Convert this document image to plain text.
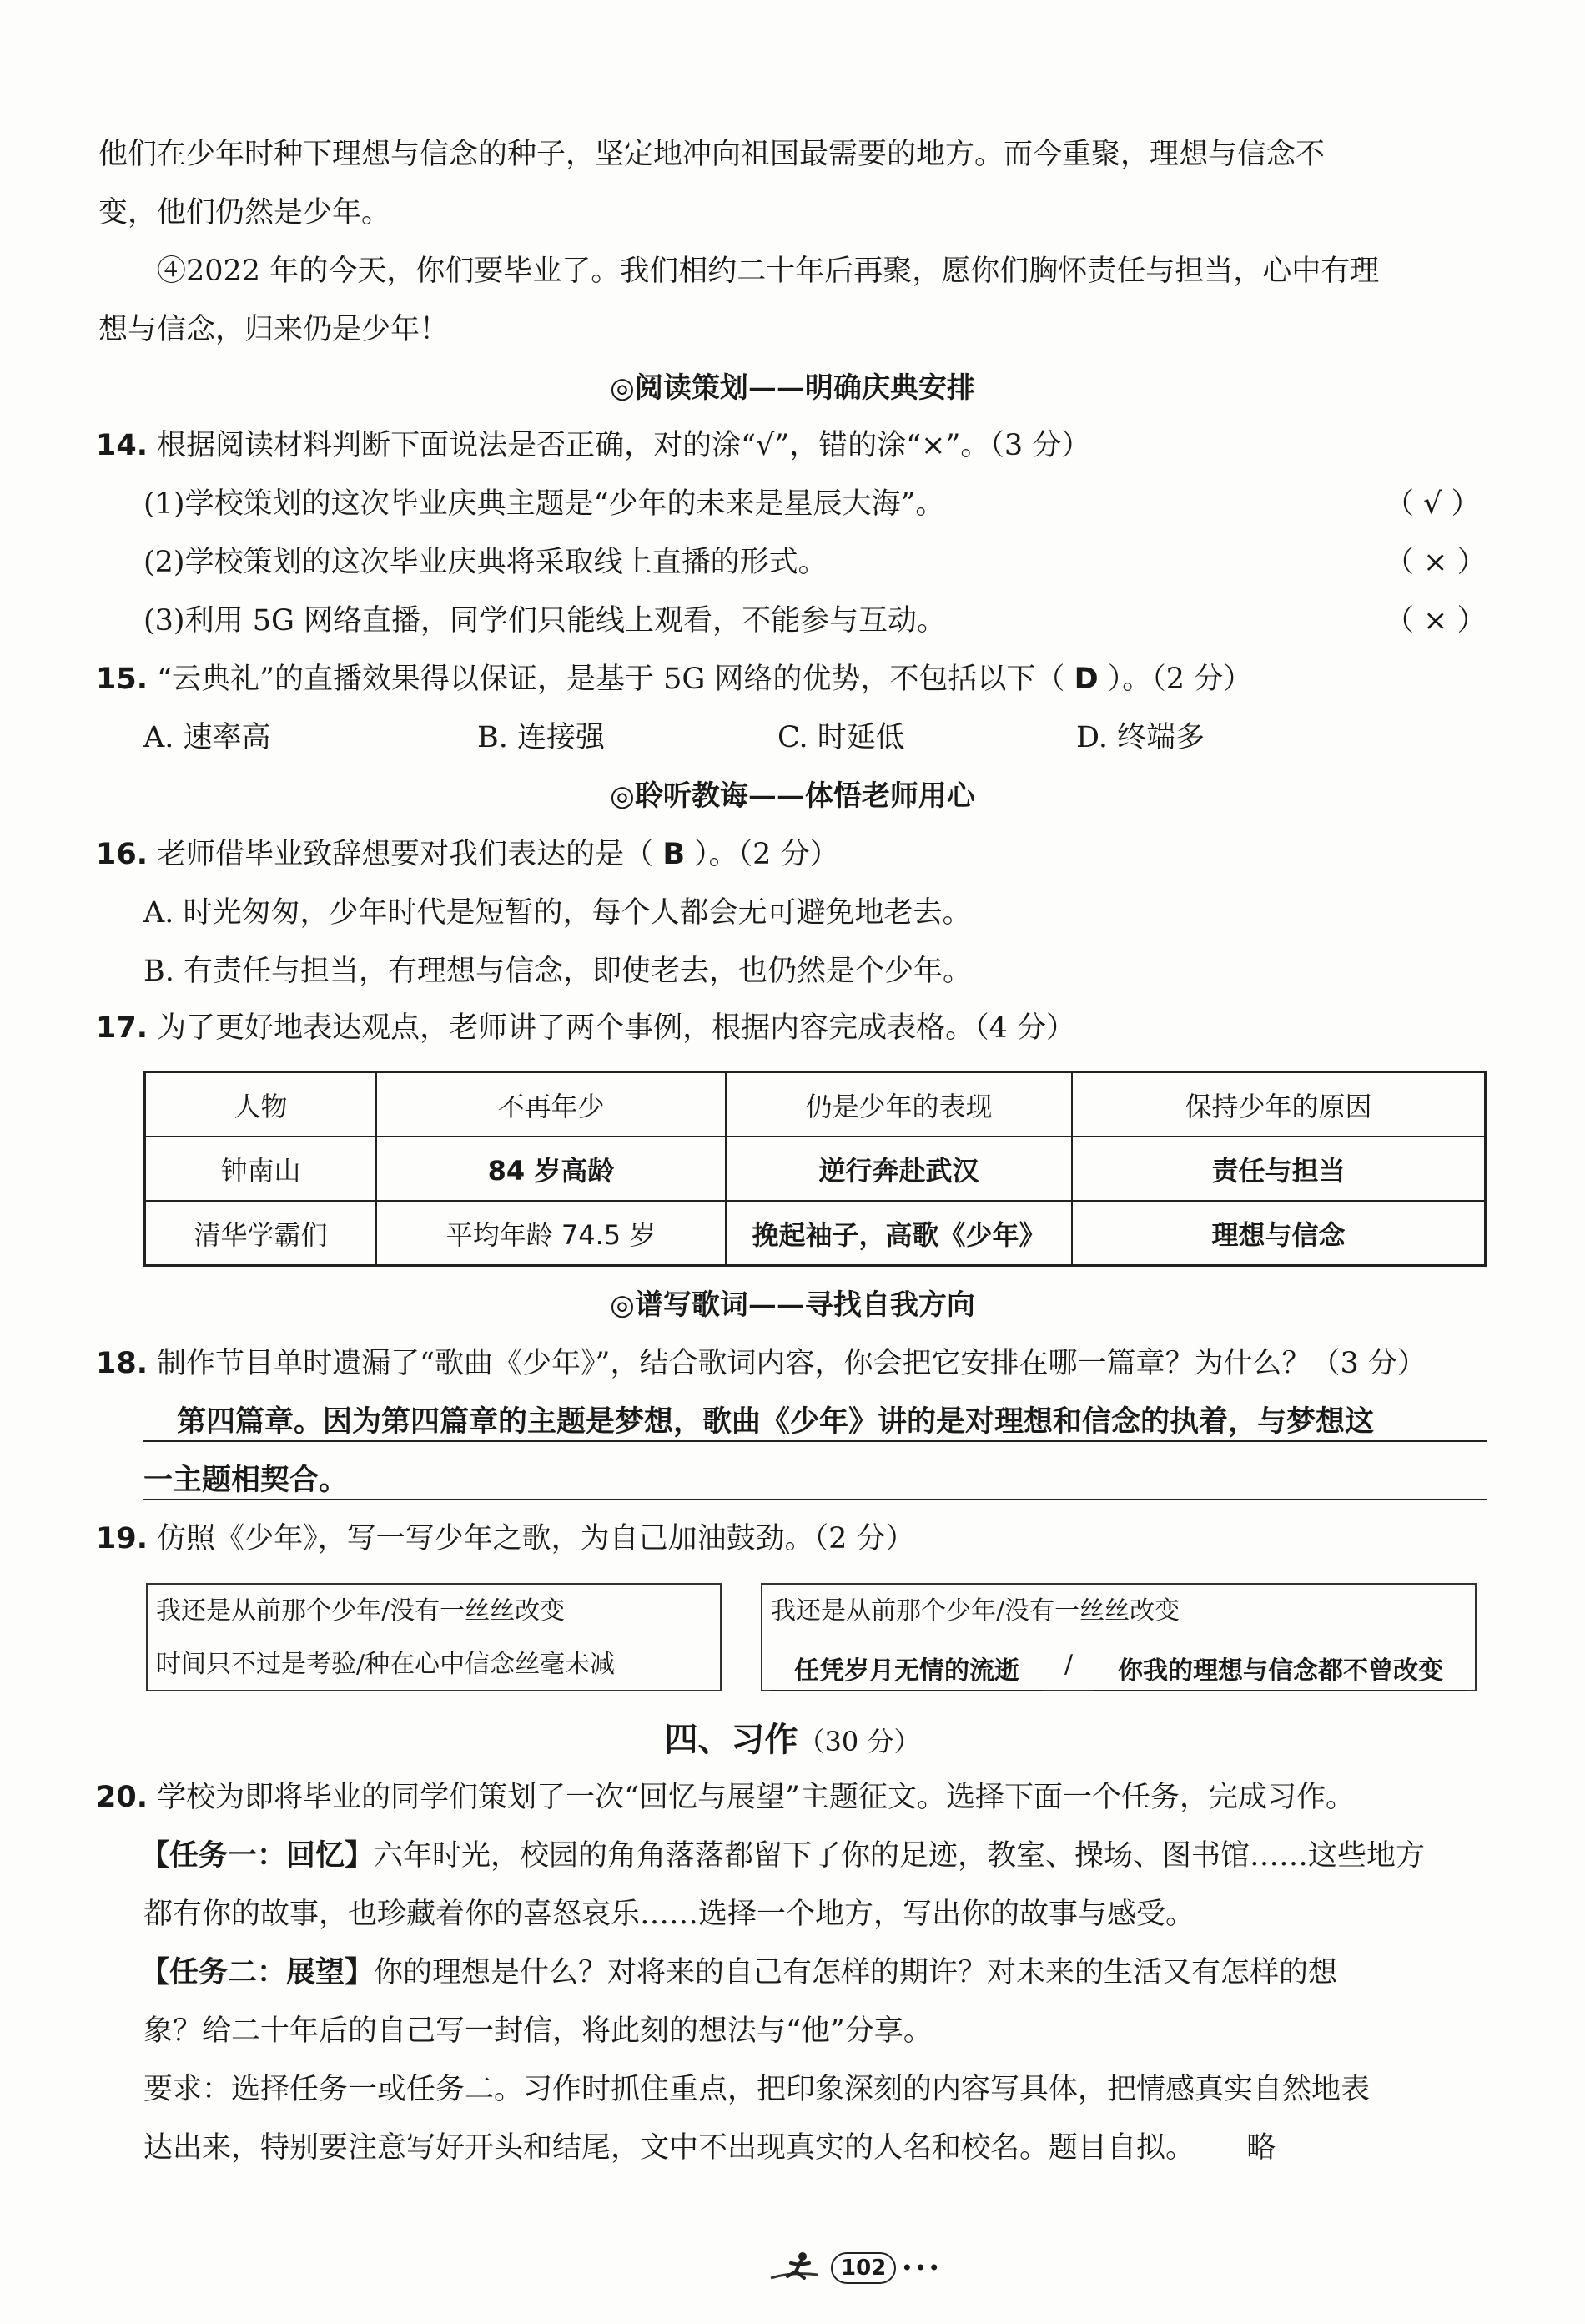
他们在少年时种下理想与信念的种子，坚定地冲向祖国最需要的地方。而今重聚，理想与信念不
变，他们仍然是少年。
④2022 年的今天，你们要毕业了。我们相约二十年后再聚，愿你们胸怀责任与担当，心中有理
想与信念，归来仍是少年！
◎阅读策划——明确庆典安排
14. 根据阅读材料判断下面说法是否正确，对的涂“√”，错的涂“×”。（3 分）
(1)学校策划的这次毕业庆典主题是“少年的未来是星辰大海”。	（ √ ）
(2)学校策划的这次毕业庆典将采取线上直播的形式。	（ × ）
(3)利用 5G 网络直播，同学们只能线上观看，不能参与互动。	（ × ）
15. “云典礼”的直播效果得以保证，是基于 5G 网络的优势，不包括以下（ D ）。（2 分）
A. 速率高	B. 连接强	C. 时延低	D. 终端多
◎聆听教诲——体悟老师用心
16. 老师借毕业致辞想要对我们表达的是（ B ）。（2 分）
A. 时光匆匆，少年时代是短暂的，每个人都会无可避免地老去。
B. 有责任与担当，有理想与信念，即使老去，也仍然是个少年。
17. 为了更好地表达观点，老师讲了两个事例，根据内容完成表格。（4 分）
人物	不再年少	仍是少年的表现	保持少年的原因
钟南山	84 岁高龄	逆行奔赴武汉	责任与担当
清华学霸们	平均年龄 74.5 岁	挽起袖子，高歌《少年》	理想与信念
◎谱写歌词——寻找自我方向
18. 制作节目单时遗漏了“歌曲《少年》”，结合歌词内容，你会把它安排在哪一篇章？为什么？（3 分）
第四篇章。因为第四篇章的主题是梦想，歌曲《少年》讲的是对理想和信念的执着，与梦想这
一主题相契合。
19. 仿照《少年》，写一写少年之歌，为自己加油鼓劲。（2 分）
我还是从前那个少年/没有一丝丝改变
时间只不过是考验/种在心中信念丝毫未减
我还是从前那个少年/没有一丝丝改变
任凭岁月无情的流逝	/	你我的理想与信念都不曾改变
四、习作（30 分）
20. 学校为即将毕业的同学们策划了一次“回忆与展望”主题征文。选择下面一个任务，完成习作。
【任务一：回忆】六年时光，校园的角角落落都留下了你的足迹，教室、操场、图书馆……这些地方
都有你的故事，也珍藏着你的喜怒哀乐……选择一个地方，写出你的故事与感受。
【任务二：展望】你的理想是什么？对将来的自己有怎样的期许？对未来的生活又有怎样的想
象？给二十年后的自己写一封信，将此刻的想法与“他”分享。
要求：选择任务一或任务二。习作时抓住重点，把印象深刻的内容写具体，把情感真实自然地表
达出来，特别要注意写好开头和结尾，文中不出现真实的人名和校名。题目自拟。 略
102 •••
